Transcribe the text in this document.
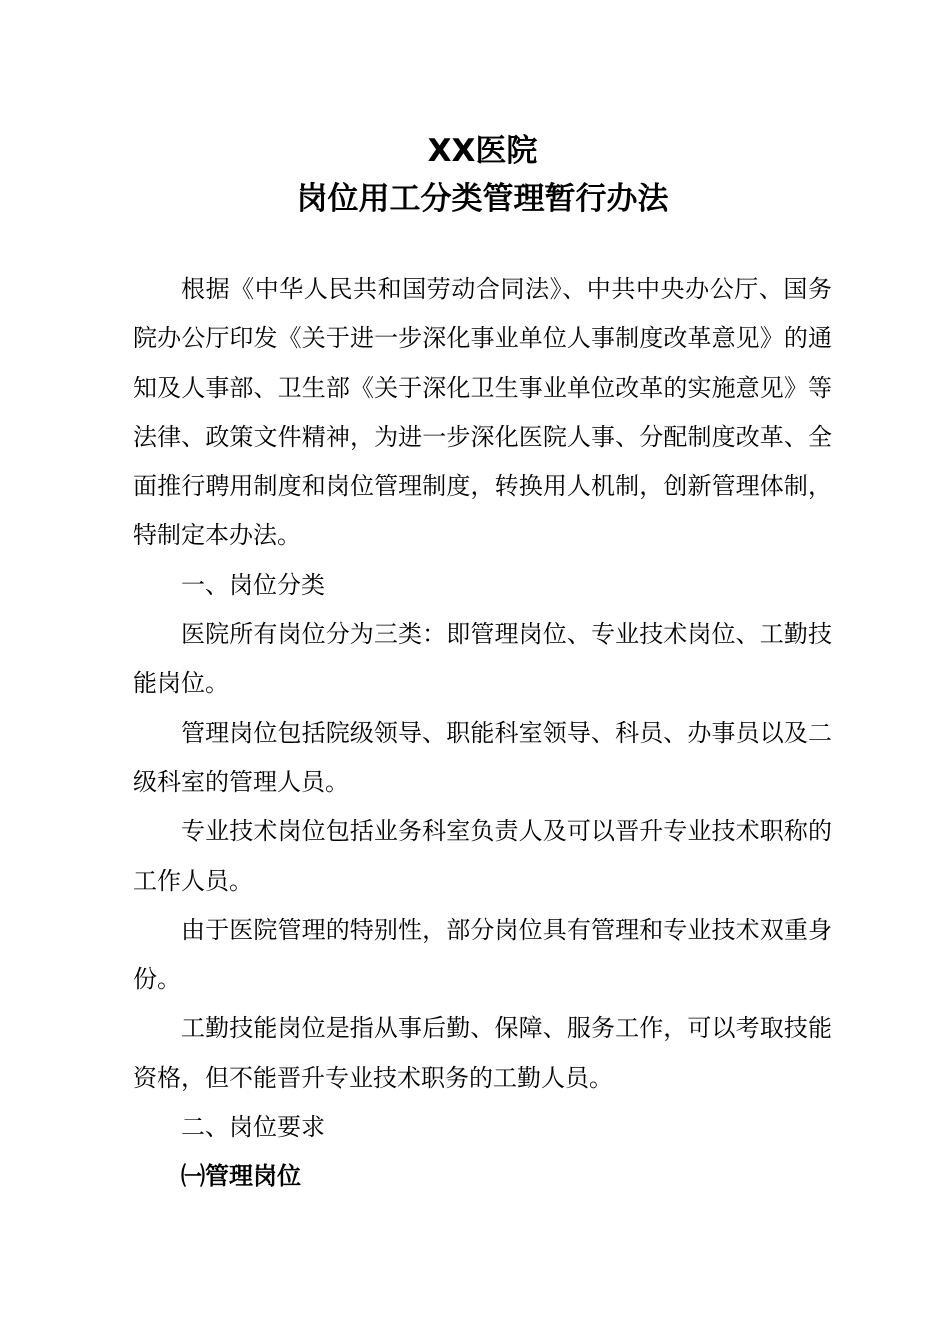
XX医院
岗位用工分类管理暂行办法

根据《中华人民共和国劳动合同法》、中共中央办公厅、国务院办公厅印发《关于进一步深化事业单位人事制度改革意见》的通知及人事部、卫生部《关于深化卫生事业单位改革的实施意见》等法律、政策文件精神，为进一步深化医院人事、分配制度改革、全面推行聘用制度和岗位管理制度，转换用人机制，创新管理体制，特制定本办法。

一、岗位分类

医院所有岗位分为三类：即管理岗位、专业技术岗位、工勤技能岗位。

管理岗位包括院级领导、职能科室领导、科员、办事员以及二级科室的管理人员。

专业技术岗位包括业务科室负责人及可以晋升专业技术职称的工作人员。

由于医院管理的特别性，部分岗位具有管理和专业技术双重身份。

工勤技能岗位是指从事后勤、保障、服务工作，可以考取技能资格，但不能晋升专业技术职务的工勤人员。

二、岗位要求

㈠管理岗位
